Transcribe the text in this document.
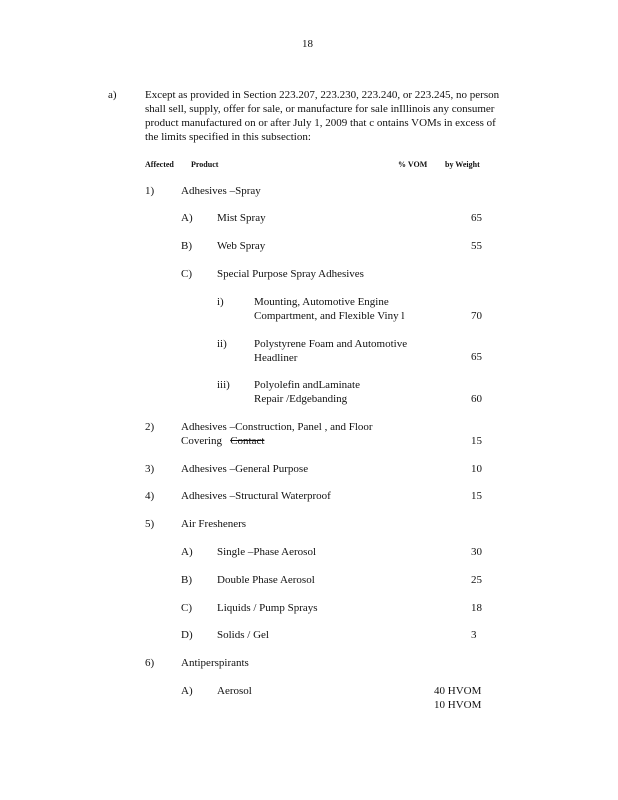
18
a)	Except as provided in Section 223.207, 223.230, 223.240, or 223.245, no person
shall sell, supply, offer for sale, or manufacture for sale inIllinois any consumer
product manufactured on or after July 1, 2009 that c ontains VOMs in excess of
the limits specified in this subsection:
Affected Product	% VOM by Weight
1) Adhesives –Spray
A) Mist Spray	65
B) Web Spray	55
C) Special Purpose Spray Adhesives
i)	Mounting, Automotive Engine
Compartment, and Flexible Viny l	70
ii) Polystyrene Foam and Automotive
Headliner	65
iii) Polyolefin andLaminate
Repair /Edgebanding	60
2) Adhesives –Construction, Panel , and Floor
Covering Contact	15
3) Adhesives –General Purpose	10
4) Adhesives –Structural Waterproof	15
5) Air Fresheners
A) Single –Phase Aerosol	30
B) Double Phase Aerosol	25
C) Liquids / Pump Sprays	18
D) Solids / Gel	3
6) Antiperspirants
A) Aerosol	40 HVOM
10 HVOM
